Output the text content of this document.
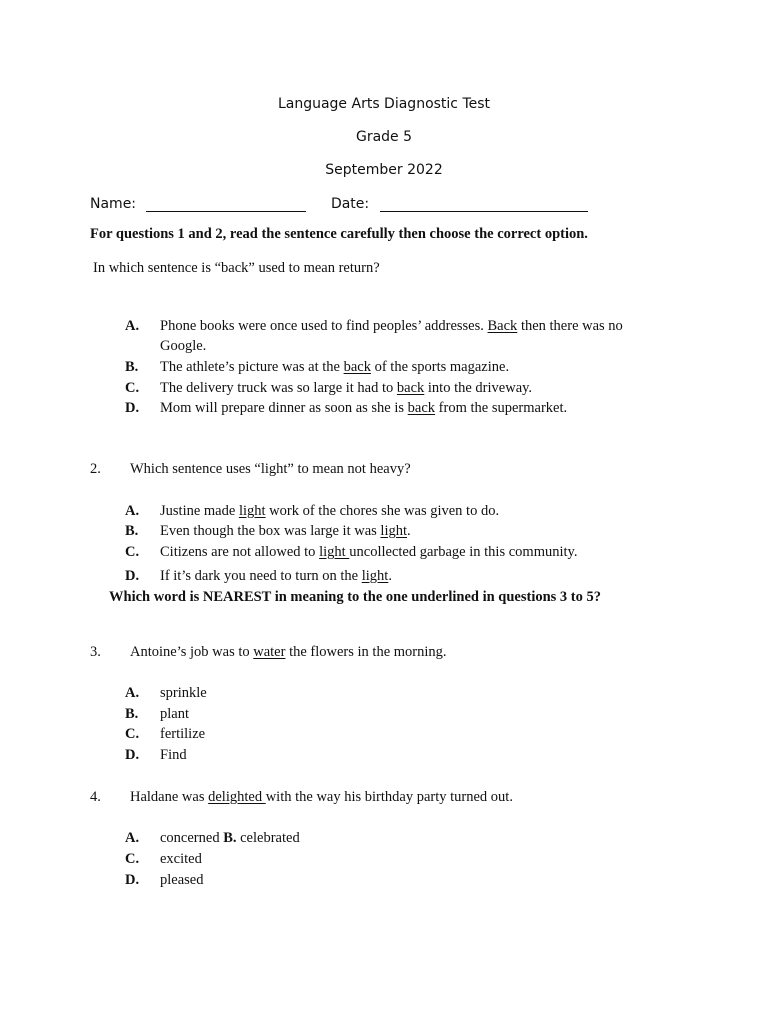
Language Arts Diagnostic Test
Grade 5
September 2022
Name:	Date:
For questions 1 and 2, read the sentence carefully then choose the correct option.
In which sentence is “back” used to mean return?
A. Phone books were once used to find peoples’ addresses. Back then there was no
Google.
B. The athlete’s picture was at the back of the sports magazine.
C. The delivery truck was so large it had to back into the driveway.
D. Mom will prepare dinner as soon as she is back from the supermarket.
2. Which sentence uses “light” to mean not heavy?
A. Justine made light work of the chores she was given to do.
B. Even though the box was large it was light.
C. Citizens are not allowed to light uncollected garbage in this community.
D. If it’s dark you need to turn on the light.
Which word is NEAREST in meaning to the one underlined in questions 3 to 5?
3. Antoine’s job was to water the flowers in the morning.
A. sprinkle
B. plant
C. fertilize
D. Find
4. Haldane was delighted with the way his birthday party turned out.
A. concerned B. celebrated
C. excited
D. pleased
